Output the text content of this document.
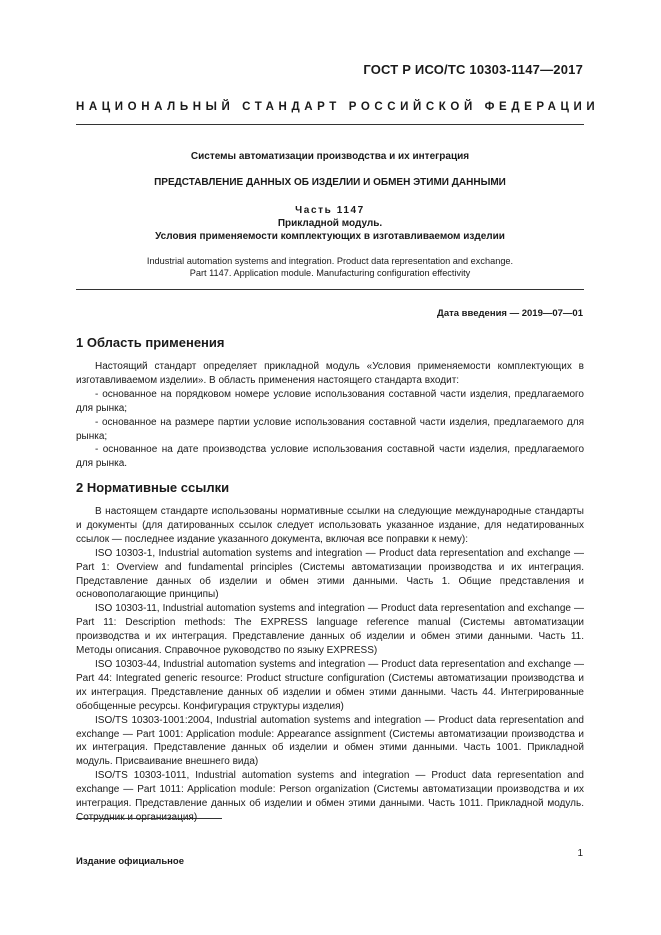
ГОСТ Р ИСО/ТС 10303-1147—2017
НАЦИОНАЛЬНЫЙ СТАНДАРТ РОССИЙСКОЙ ФЕДЕРАЦИИ
Системы автоматизации производства и их интеграция
ПРЕДСТАВЛЕНИЕ ДАННЫХ ОБ ИЗДЕЛИИ И ОБМЕН ЭТИМИ ДАННЫМИ
Часть 1147
Прикладной модуль.
Условия применяемости комплектующих в изготавливаемом изделии
Industrial automation systems and integration. Product data representation and exchange.
Part 1147. Application module. Manufacturing configuration effectivity
Дата введения — 2019—07—01
1 Область применения

Настоящий стандарт определяет прикладной модуль «Условия применяемости комплектующих в изготавливаемом изделии». В область применения настоящего стандарта входит:

- основанное на порядковом номере условие использования составной части изделия, предлагаемого для рынка;

- основанное на размере партии условие использования составной части изделия, предлагаемого для рынка;

- основанное на дате производства условие использования составной части изделия, предлагаемого для рынка.

2 Нормативные ссылки

В настоящем стандарте использованы нормативные ссылки на следующие международные стандарты и документы (для датированных ссылок следует использовать указанное издание, для недатированных ссылок — последнее издание указанного документа, включая все поправки к нему):

ISO 10303-1, Industrial automation systems and integration — Product data representation and exchange — Part 1: Overview and fundamental principles (Системы автоматизации производства и их интеграция. Представление данных об изделии и обмен этими данными. Часть 1. Общие представления и основополагающие принципы)

ISO 10303-11, Industrial automation systems and integration — Product data representation and exchange — Part 11: Description methods: The EXPRESS language reference manual (Системы автоматизации производства и их интеграция. Представление данных об изделии и обмен этими данными. Часть 11. Методы описания. Справочное руководство по языку EXPRESS)

ISO 10303-44, Industrial automation systems and integration — Product data representation and exchange — Part 44: Integrated generic resource: Product structure configuration (Системы автоматизации производства и их интеграция. Представление данных об изделии и обмен этими данными. Часть 44. Интегрированные обобщенные ресурсы. Конфигурация структуры изделия)

ISO/TS 10303-1001:2004, Industrial automation systems and integration — Product data representation and exchange — Part 1001: Application module: Appearance assignment (Системы автоматизации производства и их интеграция. Представление данных об изделии и обмен этими данными. Часть 1001. Прикладной модуль. Присваивание внешнего вида)

ISO/TS 10303-1011, Industrial automation systems and integration — Product data representation and exchange — Part 1011: Application module: Person organization (Системы автоматизации производства и их интеграция. Представление данных об изделии и обмен этими данными. Часть 1011. Прикладной модуль. Сотрудник и организация)

Издание официальное
1
